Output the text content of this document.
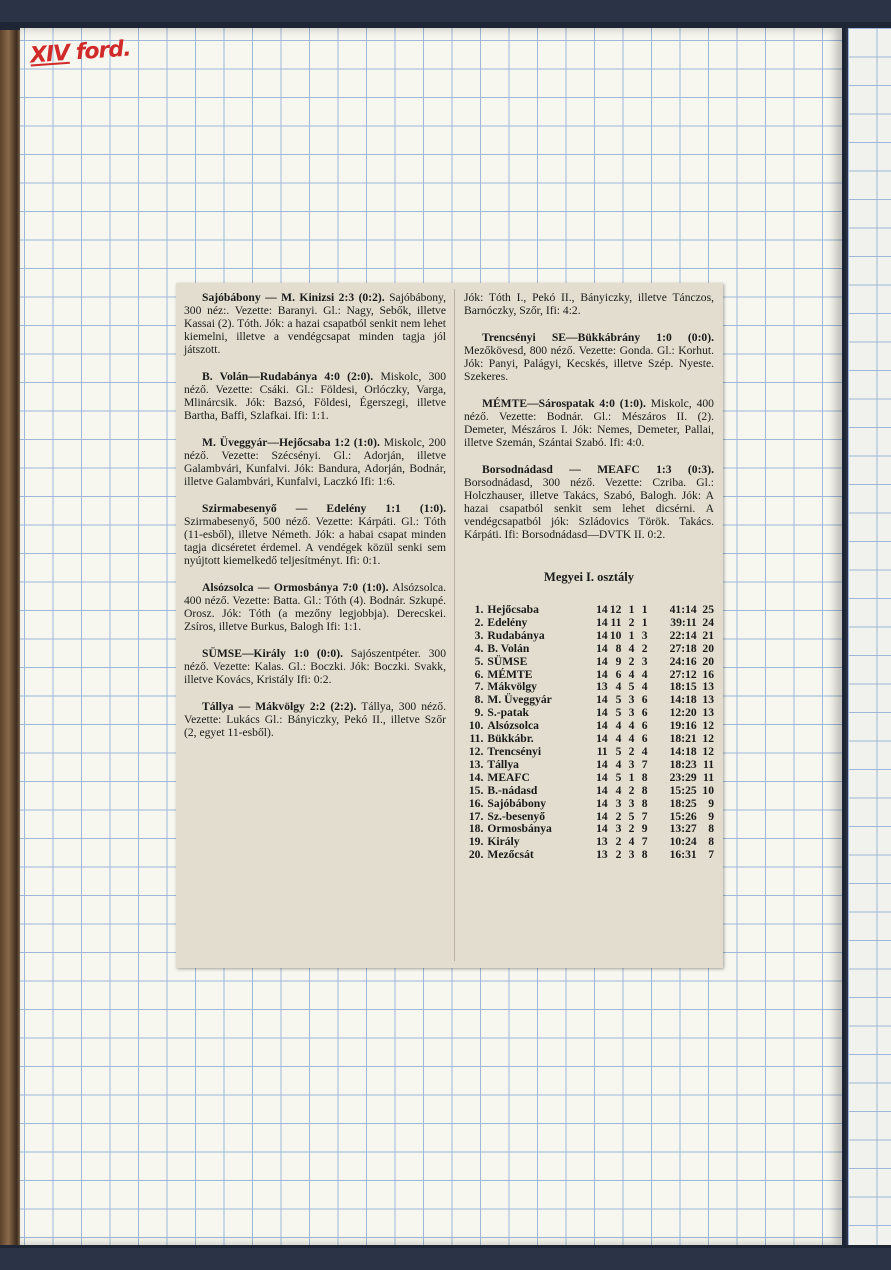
XIV ford.

Sajóbábony — M. Kinizsi 2:3 (0:2). Sajóbábony, 300 néz:. Vezette: Baranyi. Gl.: Nagy, Sebők, illetve Kassai (2). Tóth. Jók: a hazai csapatból senkit nem lehet kiemelni, illetve a vendégcsapat minden tagja jól játszott.

B. Volán—Rudabánya 4:0 (2:0). Miskolc, 300 néző. Vezette: Csáki. Gl.: Földesi, Orlóczky, Varga, Mlinárcsik. Jók: Bazsó, Földesi, Égerszegi, illetve Bartha, Baffi, Szlafkai. Ifi: 1:1.

M. Üveggyár—Hejőcsaba 1:2 (1:0). Miskolc, 200 néző. Vezette: Szécsényi. Gl.: Adorján, illetve Galambvári, Kunfalvi. Jók: Bandura, Adorján, Bodnár, illetve Galambvári, Kunfalvi, Laczkó Ifi: 1:6.

Szirmabesenyő — Edelény 1:1 (1:0). Szirmabesenyő, 500 néző. Vezette: Kárpáti. Gl.: Tóth (11-esből), illetve Németh. Jók: a habai csapat minden tagja dicséretet érdemel. A vendégek közül senki sem nyújtott kiemelkedő teljesítményt. Ifi: 0:1.

Alsózsolca — Ormosbánya 7:0 (1:0). Alsózsolca. 400 néző. Vezette: Batta. Gl.: Tóth (4). Bodnár. Szkupé. Orosz. Jók: Tóth (a mezőny legjobbja). Derecskei. Zsíros, illetve Burkus, Balogh Ifi: 1:1.

SÜMSE—Király 1:0 (0:0). Sajószentpéter. 300 néző. Vezette: Kalas. Gl.: Boczki. Jók: Boczki. Svakk, illetve Kovács, Kristály Ifi: 0:2.

Tállya — Mákvölgy 2:2 (2:2). Tállya, 300 néző. Vezette: Lukács Gl.: Bányiczky, Pekó II., illetve Szőr (2, egyet 11-esből).

Jók: Tóth I., Pekó II., Bányiczky, illetve Tánczos, Barnóczky, Szőr, Ifi: 4:2.

Trencsényi SE—Bükkábrány 1:0 (0:0). Mezőkövesd, 800 néző. Vezette: Gonda. Gl.: Korhut. Jók: Panyi, Palágyi, Kecskés, illetve Szép. Nyeste. Szekeres.

MÉMTE—Sárospatak 4:0 (1:0). Miskolc, 400 néző. Vezette: Bodnár. Gl.: Mészáros II. (2). Demeter, Mészáros I. Jók: Nemes, Demeter, Pallai, illetve Szemán, Szántai Szabó. Ifi: 4:0.

Borsodnádasd — MEAFC 1:3 (0:3). Borsodnádasd, 300 néző. Vezette: Czriba. Gl.: Holczhauser, illetve Takács, Szabó, Balogh. Jók: A hazai csapatból senkit sem lehet dicsérni. A vendégcsapatból jók: Szládovics Török. Takács. Kárpáti. Ifi: Borsodnádasd—DVTK II. 0:2.

Megyei I. osztály
1.	Hejőcsaba	14	12	1	1	41:14	25
2.	Edelény	14	11	2	1	39:11	24
3.	Rudabánya	14	10	1	3	22:14	21
4.	B. Volán	14	8	4	2	27:18	20
5.	SÜMSE	14	9	2	3	24:16	20
6.	MÉMTE	14	6	4	4	27:12	16
7.	Mákvölgy	13	4	5	4	18:15	13
8.	M. Üveggyár	14	5	3	6	14:18	13
9.	S.-patak	14	5	3	6	12:20	13
10.	Alsózsolca	14	4	4	6	19:16	12
11.	Bükkábr.	14	4	4	6	18:21	12
12.	Trencsényi	11	5	2	4	14:18	12
13.	Tállya	14	4	3	7	18:23	11
14.	MEAFC	14	5	1	8	23:29	11
15.	B.-nádasd	14	4	2	8	15:25	10
16.	Sajóbábony	14	3	3	8	18:25	9
17.	Sz.-besenyő	14	2	5	7	15:26	9
18.	Ormosbánya	14	3	2	9	13:27	8
19.	Király	13	2	4	7	10:24	8
20.	Mezőcsát	13	2	3	8	16:31	7
